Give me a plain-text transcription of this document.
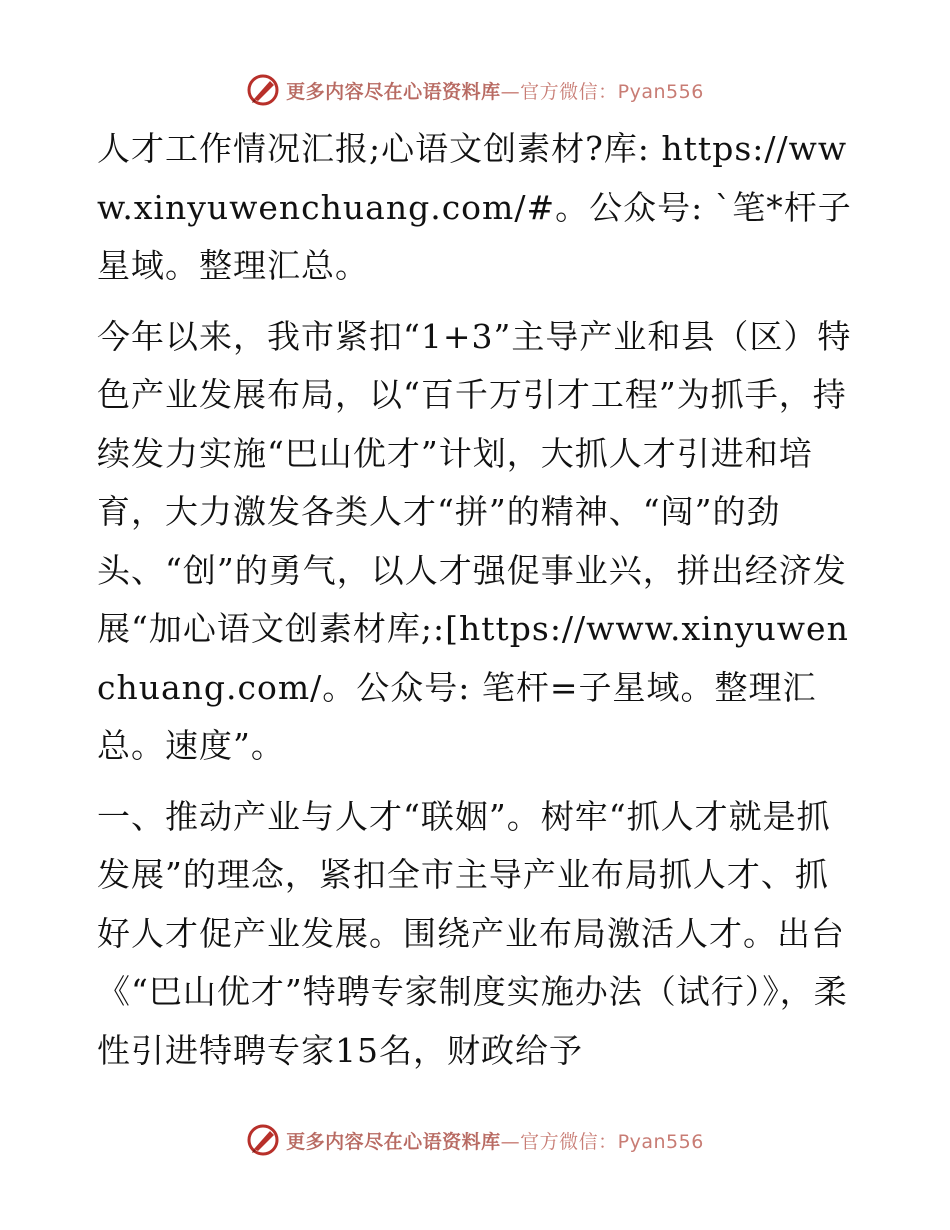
更多内容尽在心语资料库—官方微信：Pyan556

人才工作情况汇报;心语文创素材?库: https://www.xinyuwenchuang.com/#。公众号: `笔*杆子星域。整理汇总。

今年以来，我市紧扣“1+3”主导产业和县（区）特色产业发展布局，以“百千万引才工程”为抓手，持续发力实施“巴山优才”计划，大抓人才引进和培育，大力激发各类人才“拼”的精神、“闯”的劲头、“创”的勇气，以人才强促事业兴，拼出经济发展“加心语文创素材库;:[https://www.xinyuwenchuang.com/。公众号: 笔杆=子星域。整理汇总。速度”。

一、推动产业与人才“联姻”。树牢“抓人才就是抓发展”的理念，紧扣全市主导产业布局抓人才、抓好人才促产业发展。围绕产业布局激活人才。出台《“巴山优才”特聘专家制度实施办法（试行）》，柔性引进特聘专家15名，财政给予

更多内容尽在心语资料库—官方微信：Pyan556
